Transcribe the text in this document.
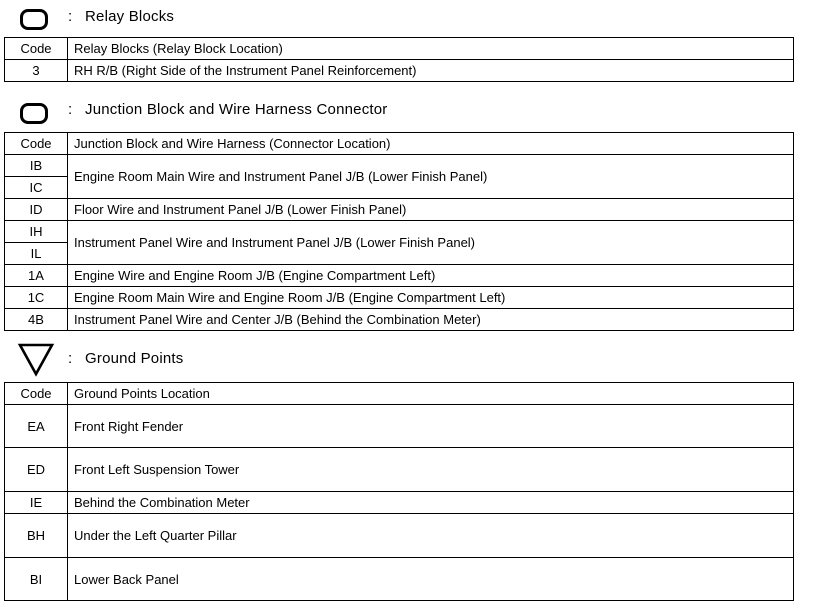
: Relay Blocks
Code	Relay Blocks (Relay Block Location)
3	RH R/B (Right Side of the Instrument Panel Reinforcement)
: Junction Block and Wire Harness Connector
Code	Junction Block and Wire Harness (Connector Location)
IB	Engine Room Main Wire and Instrument Panel J/B (Lower Finish Panel)
IC	
ID	Floor Wire and Instrument Panel J/B (Lower Finish Panel)
IH	Instrument Panel Wire and Instrument Panel J/B (Lower Finish Panel)
IL	
1A	Engine Wire and Engine Room J/B (Engine Compartment Left)
1C	Engine Room Main Wire and Engine Room J/B (Engine Compartment Left)
4B	Instrument Panel Wire and Center J/B (Behind the Combination Meter)
: Ground Points
Code	Ground Points Location
EA	Front Right Fender
ED	Front Left Suspension Tower
IE	Behind the Combination Meter
BH	Under the Left Quarter Pillar
BI	Lower Back Panel
